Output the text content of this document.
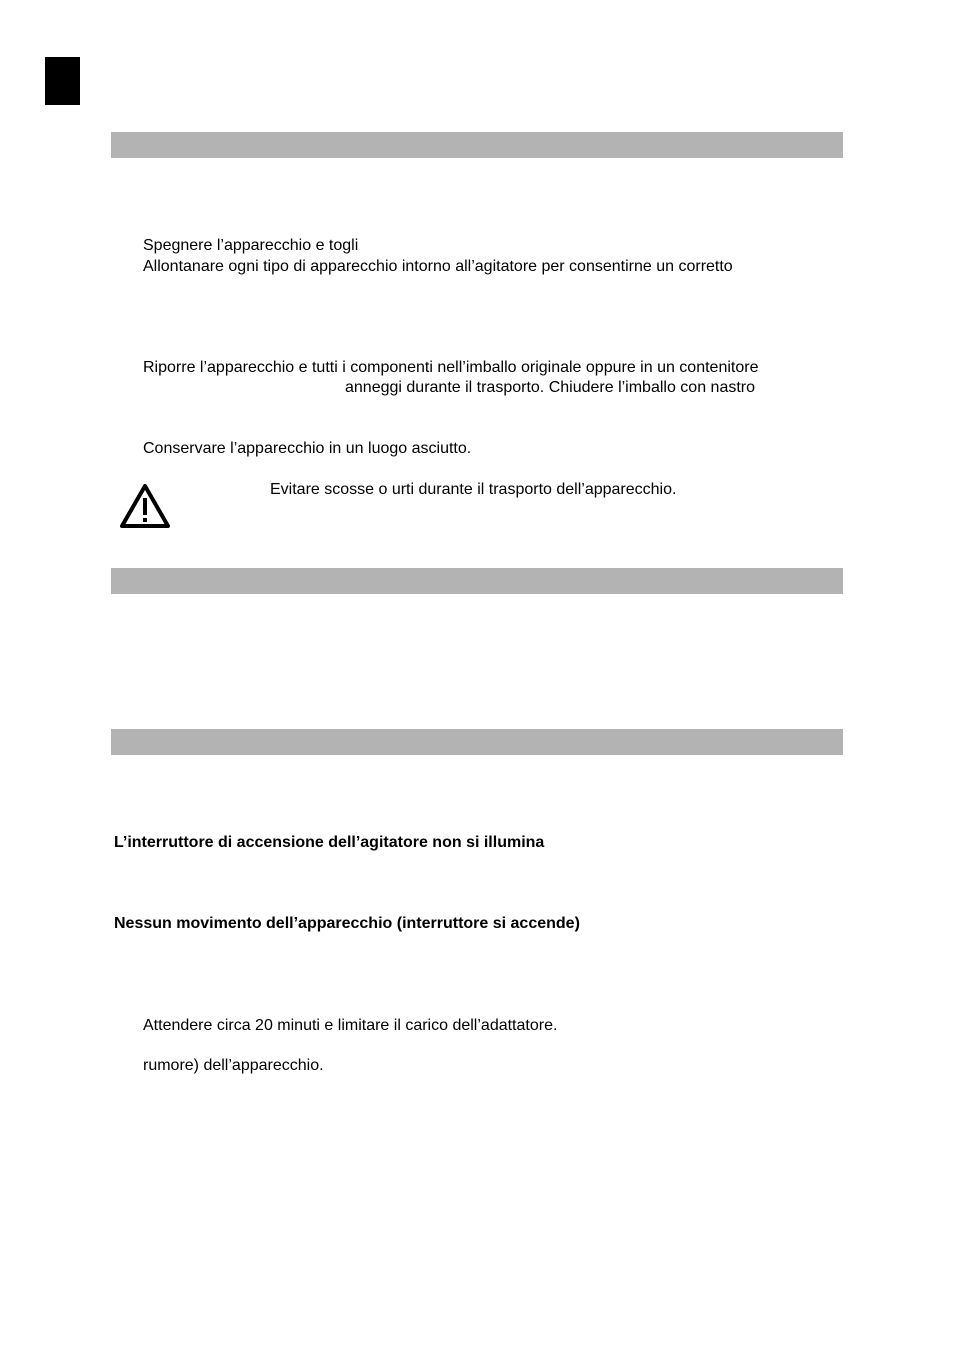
Spegnere l’apparecchio e togli
Allontanare ogni tipo di apparecchio intorno all’agitatore per consentirne un corretto
Riporre l’apparecchio e tutti i componenti nell’imballo originale oppure in un contenitore
anneggi durante il trasporto. Chiudere l’imballo con nastro
Conservare l’apparecchio in un luogo asciutto.
Evitare scosse o urti durante il trasporto dell’apparecchio.
L’interruttore di accensione dell’agitatore non si illumina
Nessun movimento dell’apparecchio (interruttore si accende)
Attendere circa 20 minuti e limitare il carico dell’adattatore.
rumore) dell’apparecchio.
